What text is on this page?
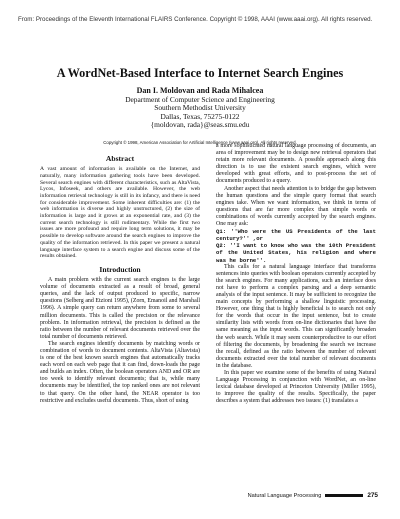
From: Proceedings of the Eleventh International FLAIRS Conference. Copyright © 1998, AAAI (www.aaai.org). All rights reserved.
A WordNet-Based Interface to Internet Search Engines
Dan I. Moldovan and Rada Mihalcea
Department of Computer Science and Engineering
Southern Methodist University
Dallas, Texas, 75275-0122
{moldovan, rada}@seas.smu.edu
Copyright © 1998, American Association for Artificial Intelligence (www.aaai.org). All rights reserved.
Abstract

A vast amount of information is available on the Internet, and naturally, many information gathering tools have been developed. Several search engines with different characteristics, such as AltaVista, Lycos, Infoseek, and others are available. However, the web information retrieval technology is still in its infancy, and there is need for considerable improvement. Some inherent difficulties are: (1) the web information is diverse and highly unstructured, (2) the size of information is large and it grows at an exponential rate, and (3) the current search technology is still rudimentary. While the first two issues are more profound and require long term solutions, it may be possible to develop software around the search engines to improve the quality of the information retrieved. In this paper we present a natural language interface system to a search engine and discuss some of the results obtained.

Introduction

A main problem with the current search engines is the large volume of documents extracted as a result of broad, general queries, and the lack of output produced to specific, narrow questions (Selberg and Etzioni 1995), (Zorn, Emanoil and Marshall 1996). A simple query can return anywhere from some to several million documents. This is called the precision or the relevance problem. In information retrieval, the precision is defined as the ratio between the number of relevant documents retrieved over the total number of documents retrieved.

The search engines identify documents by matching words or combination of words to document contents. AltaVista (Altavista) is one of the best known search engines that automatically tracks each word on each web page that it can find, down-loads the page and builds an index. Often, the boolean operators AND and OR are too week to identify relevant documents; that is, while many documents may be identified, the top ranked ones are not relevant to that query. On the other hand, the NEAR operator is too restrictive and excludes useful documents. Thus, short of using

a more sophisticated natural language processing of documents, an area of improvement may be to design new retrieval operators that retain more relevant documents. A possible approach along this direction is to use the existent search engines, which were developed with great efforts, and to post-process the set of documents produced to a query.

Another aspect that needs attention is to bridge the gap between the human questions and the simple query format that search engines take. When we want information, we think in terms of questions that are far more complex than simple words or combinations of words currently accepted by the search engines. One may ask:

Q1: ''Who were the US Presidents of the last century?'' ,or
Q2: ''I want to know who was the 10th President of the United States, his religion and where was he borne''.

This calls for a natural language interface that transforms sentences into queries with boolean operators currently accepted by the search engines. For many applications, such an interface does not have to perform a complex parsing and a deep semantic analysis of the input sentence. It may be sufficient to recognize the main concepts by performing a shallow linguistic processing. However, one thing that is highly beneficial is to search not only for the words that occur in the input sentence, but to create similarity lists with words from on-line dictionaries that have the same meaning as the input words. This can significantly broaden the web search. While it may seem counterproductive to our effort of filtering the documents, by broadening the search we increase the recall, defined as the ratio between the number of relevant documents extracted over the total number of relevant documents in the database.

In this paper we examine some of the benefits of using Natural Language Processing in conjunction with WordNet, an on-line lexical database developed at Princeton University (Miller 1995), to improve the quality of the results. Specifically, the paper describes a system that addresses two issues: (1) translates a

Natural Language Processing	275
